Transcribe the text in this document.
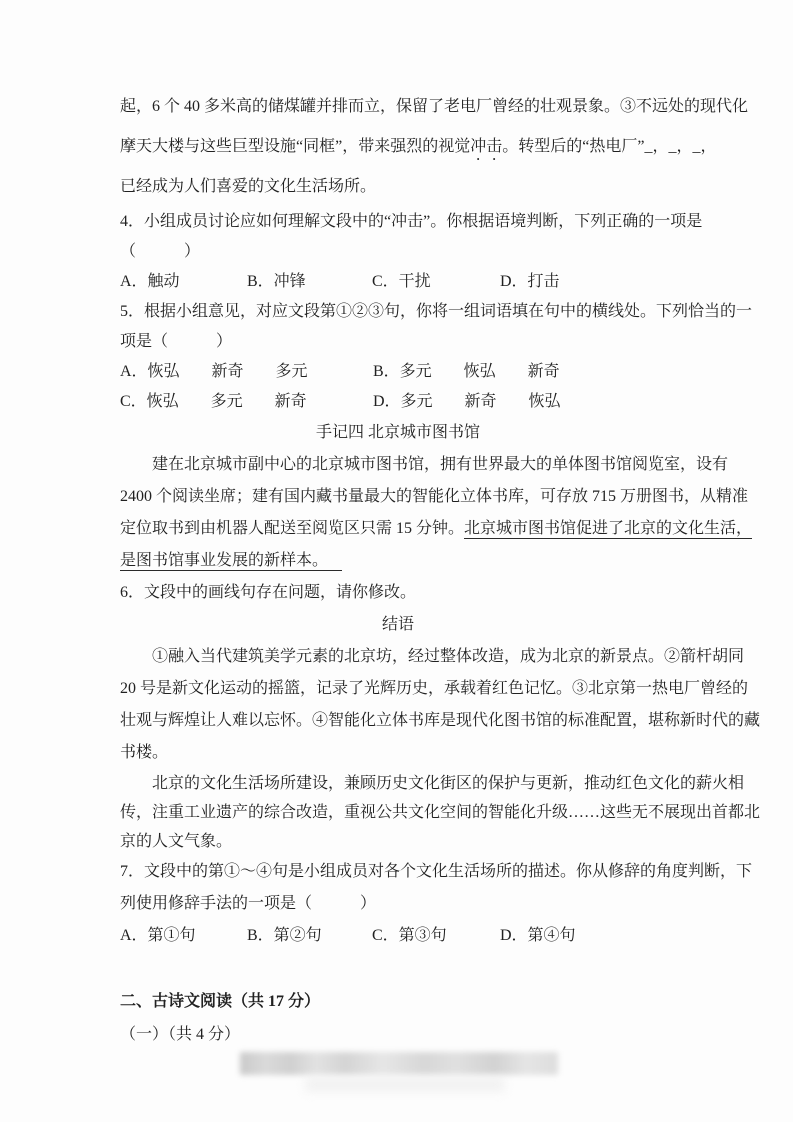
起，6 个 40 多米高的储煤罐并排而立，保留了老电厂曾经的壮观景象。③不远处的现代化
摩天大楼与这些巨型设施“同框”，带来强烈的视觉冲击。转型后的“热电厂”_，_，_，
已经成为人们喜爱的文化生活场所。
4．小组成员讨论应如何理解文段中的“冲击”。你根据语境判断，下列正确的一项是
（　　　）
A．触动	B．冲锋	C．干扰	D．打击
5．根据小组意见，对应文段第①②③句，你将一组词语填在句中的横线处。下列恰当的一
项是（　　　）
A．恢弘　　新奇　　多元	B．多元　　恢弘　　新奇
C．恢弘　　多元　　新奇	D．多元　　新奇　　恢弘
手记四 北京城市图书馆
建在北京城市副中心的北京城市图书馆，拥有世界最大的单体图书馆阅览室，设有
2400 个阅读坐席；建有国内藏书量最大的智能化立体书库，可存放 715 万册图书，从精准
定位取书到由机器人配送至阅览区只需 15 分钟。北京城市图书馆促进了北京的文化生活，
是图书馆事业发展的新样本。
6．文段中的画线句存在问题，请你修改。
结语
①融入当代建筑美学元素的北京坊，经过整体改造，成为北京的新景点。②箭杆胡同
20 号是新文化运动的摇篮，记录了光辉历史，承载着红色记忆。③北京第一热电厂曾经的
壮观与辉煌让人难以忘怀。④智能化立体书库是现代化图书馆的标准配置，堪称新时代的藏
书楼。
北京的文化生活场所建设，兼顾历史文化街区的保护与更新，推动红色文化的薪火相
传，注重工业遗产的综合改造，重视公共文化空间的智能化升级……这些无不展现出首都北
京的人文气象。
7．文段中的第①～④句是小组成员对各个文化生活场所的描述。你从修辞的角度判断，下
列使用修辞手法的一项是（　　　）
A．第①句	B．第②句	C．第③句	D．第④句
二、古诗文阅读（共 17 分）
（一）（共 4 分）
